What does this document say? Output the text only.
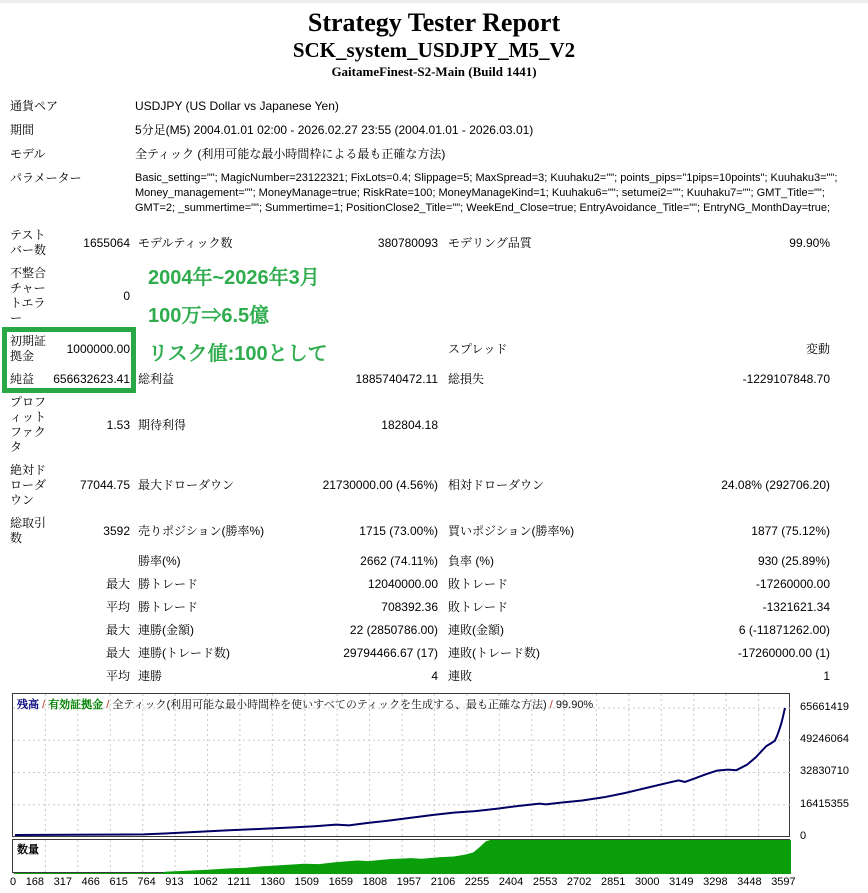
Strategy Tester Report
SCK_system_USDJPY_M5_V2
GaitameFinest-S2-Main (Build 1441)
通貨ペア	USDJPY (US Dollar vs Japanese Yen)
期間	5分足(M5) 2004.01.01 02:00 - 2026.02.27 23:55 (2004.01.01 - 2026.03.01)
モデル	全ティック (利用可能な最小時間枠による最も正確な方法)
パラメーター	Basic_setting=""; MagicNumber=23122321; FixLots=0.4; Slippage=5; MaxSpread=3; Kuuhaku2=""; points_pips="1pips=10points"; Kuuhaku3="";
Money_management=""; MoneyManage=true; RiskRate=100; MoneyManageKind=1; Kuuhaku6=""; setumei2=""; Kuuhaku7=""; GMT_Title="";
GMT=2; _summertime=""; Summertime=1; PositionClose2_Title=""; WeekEnd_Close=true; EntryAvoidance_Title=""; EntryNG_MonthDay=true;
テストバー数	1655064	モデルティック数	380780093	モデリング品質	99.90%
不整合チャートエラー	0				
初期証拠金	1000000.00			スプレッド	変動
純益	656632623.41	総利益	1885740472.11	総損失	-1229107848.70
プロフィットファクタ	1.53	期待利得	182804.18		
絶対ドローダウン	77044.75	最大ドローダウン	21730000.00 (4.56%)	相対ドローダウン	24.08% (292706.20)
総取引数	3592	売りポジション(勝率%)	1715 (73.00%)	買いポジション(勝率%)	1877 (75.12%)
		勝率(%)	2662 (74.11%)	負率 (%)	930 (25.89%)
	最大	勝トレード	12040000.00	敗トレード	-17260000.00
	平均	勝トレード	708392.36	敗トレード	-1321621.34
	最大	連勝(金額)	22 (2850786.00)	連敗(金額)	6 (-11871262.00)
	最大	連勝(トレード数)	29794466.67 (17)	連敗(トレード数)	-17260000.00 (1)
	平均	連勝	4	連敗	1
2004年~2026年3月
100万⇒6.5億
リスク値:100として
残高 / 有効証拠金 / 全ティック(利用可能な最小時間枠を使いすべてのティックを生成する、最も正確な方法) / 99.90%
数量
65661419
49246064
32830710
16415355
0
0 168 317 466 615 764 913 1062 1211 1360 1509 1659 1808 1957 2106 2255 2404 2553 2702 2851 3000 3149 3298 3448 3597
